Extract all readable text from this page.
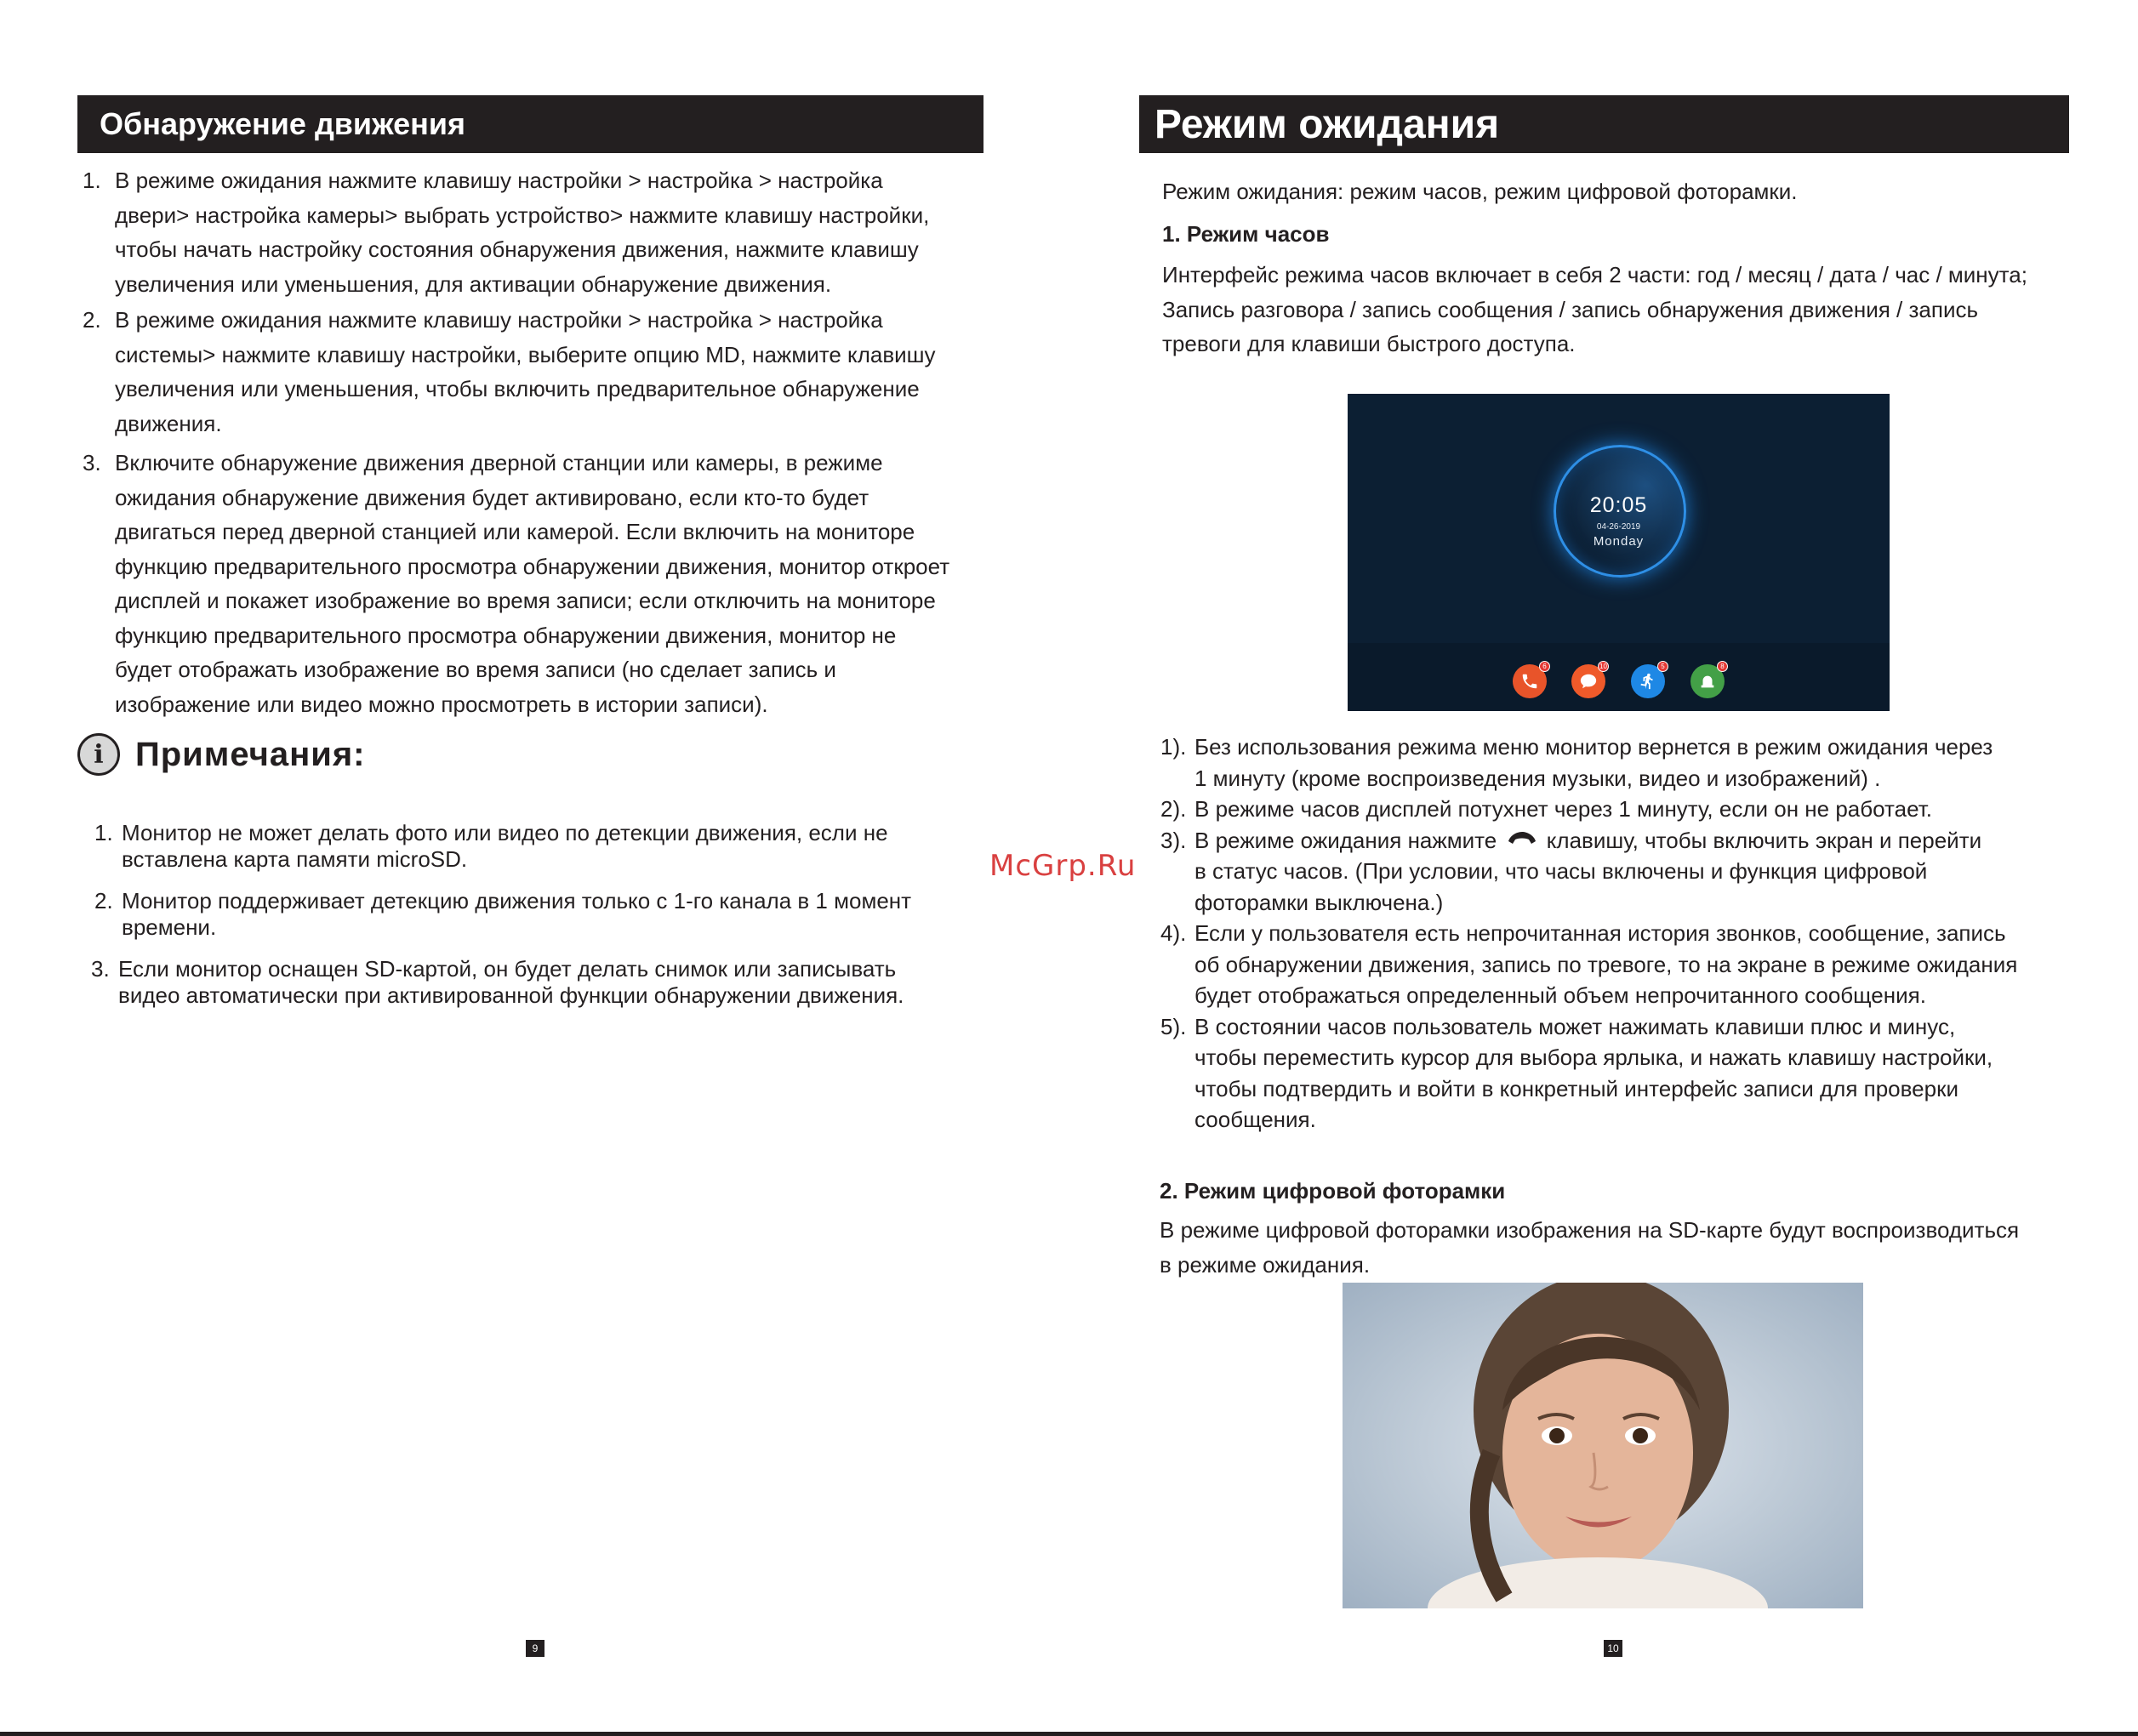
Обнаружение движения
1. В режиме ожидания нажмите клавишу настройки > настройка > настройка
двери> настройка камеры> выбрать устройство> нажмите клавишу настройки,
чтобы начать настройку состояния обнаружения движения, нажмите клавишу
увеличения или уменьшения, для активации обнаружение движения.
2. В режиме ожидания нажмите клавишу настройки > настройка > настройка
системы> нажмите клавишу настройки, выберите опцию MD, нажмите клавишу
увеличения или уменьшения, чтобы включить предварительное обнаружение
движения.
3. Включите обнаружение движения дверной станции или камеры, в режиме
ожидания обнаружение движения будет активировано, если кто-то будет
двигаться перед дверной станцией или камерой. Если включить на мониторе
функцию предварительного просмотра обнаружении движения, монитор откроет
дисплей и покажет изображение во время записи; если отключить на мониторе
функцию предварительного просмотра обнаружении движения, монитор не
будет отображать изображение во время записи (но сделает запись и
изображение или видео можно просмотреть в истории записи).
i Примечания:
1. Монитор не может делать фото или видео по детекции движения, если не
вставлена карта памяти microSD.
2. Монитор поддерживает детекцию движения только с 1-го канала в 1 момент
времени.
3. Если монитор оснащен SD-картой, он будет делать снимок или записывать
видео автоматически при активированной функции обнаружении движения.
9
Режим ожидания
Режим ожидания: режим часов, режим цифровой фоторамки.
1. Режим часов
Интерфейс режима часов включает в себя 2 части: год / месяц / дата / час / минута;
Запись разговора / запись сообщения / запись обнаружения движения / запись
тревоги для клавиши быстрого доступа.
20:05
04-26-2019
Monday
6	10	5	8
1). Без использования режима меню монитор вернется в режим ожидания через
1 минуту (кроме воспроизведения музыки, видео и изображений) .
2). В режиме часов дисплей потухнет через 1 минуту, если он не работает.
3). В режиме ожидания нажмите клавишу, чтобы включить экран и перейти
в статус часов. (При условии, что часы включены и функция цифровой
фоторамки выключена.)
4). Если у пользователя есть непрочитанная история звонков, сообщение, запись
об обнаружении движения, запись по тревоге, то на экране в режиме ожидания
будет отображаться определенный объем непрочитанного сообщения.
5). В состоянии часов пользователь может нажимать клавиши плюс и минус,
чтобы переместить курсор для выбора ярлыка, и нажать клавишу настройки,
чтобы подтвердить и войти в конкретный интерфейс записи для проверки
сообщения.
2. Режим цифровой фоторамки
В режиме цифровой фоторамки изображения на SD-карте будут воспроизводиться
в режиме ожидания.
10
McGrp.Ru
